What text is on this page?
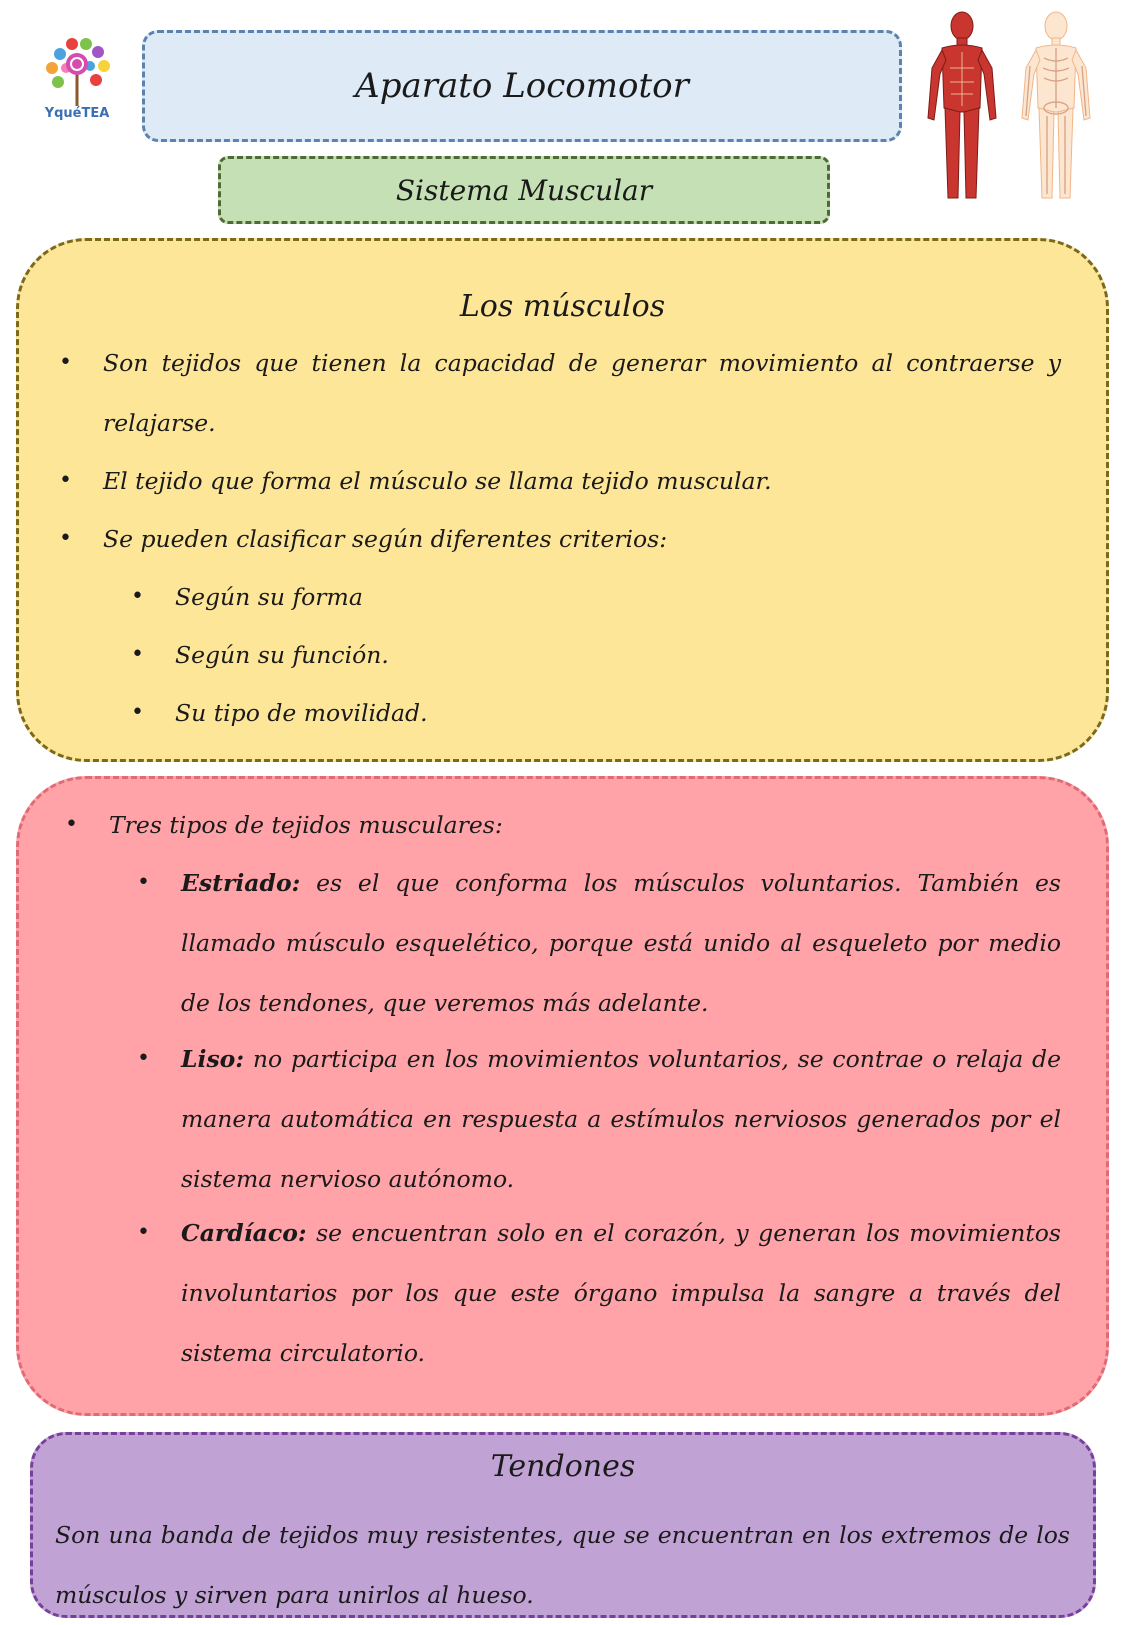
YquéTEA
Aparato Locomotor
Sistema Muscular
Los músculos

• Son tejidos que tienen la capacidad de generar movimiento al contraerse y relajarse.

• El tejido que forma el músculo se llama tejido muscular.

• Se pueden clasificar según diferentes criterios:

• Según su forma

• Según su función.

• Su tipo de movilidad.

• Tres tipos de tejidos musculares:

• Estriado: es el que conforma los músculos voluntarios. También es llamado músculo esquelético, porque está unido al esqueleto por medio de los tendones, que veremos más adelante.

• Liso: no participa en los movimientos voluntarios, se contrae o relaja de manera automática en respuesta a estímulos nerviosos generados por el sistema nervioso autónomo.

• Cardíaco: se encuentran solo en el corazón, y generan los movimientos involuntarios por los que este órgano impulsa la sangre a través del sistema circulatorio.

Tendones

Son una banda de tejidos muy resistentes, que se encuentran en los extremos de los músculos y sirven para unirlos al hueso.
